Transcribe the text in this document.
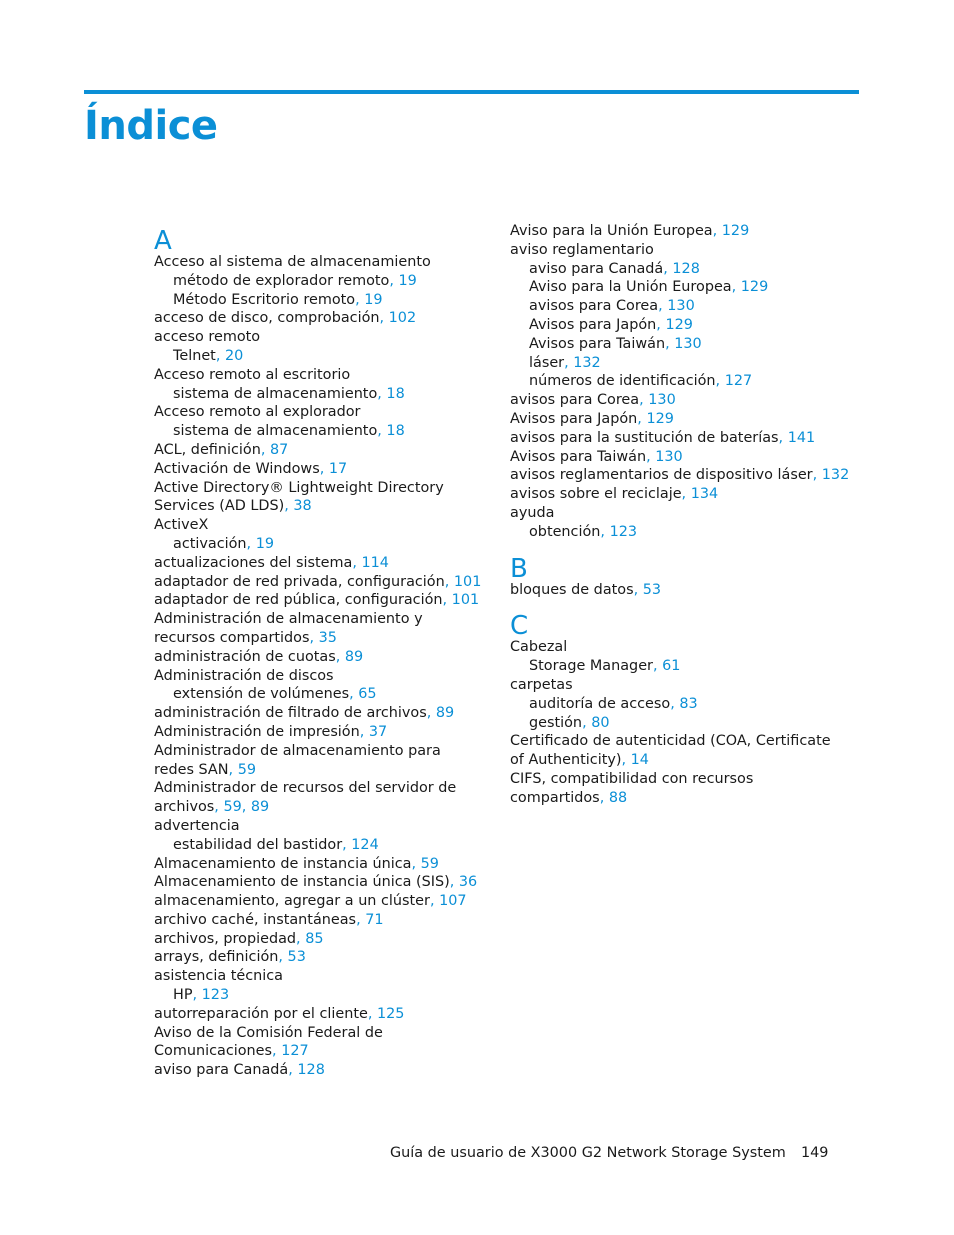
Índice
A
Acceso al sistema de almacenamiento
método de explorador remoto, 19
Método Escritorio remoto, 19
acceso de disco, comprobación, 102
acceso remoto
Telnet, 20
Acceso remoto al escritorio
sistema de almacenamiento, 18
Acceso remoto al explorador
sistema de almacenamiento, 18
ACL, definición, 87
Activación de Windows, 17
Active Directory® Lightweight Directory Services (AD LDS), 38
ActiveX
activación, 19
actualizaciones del sistema, 114
adaptador de red privada, configuración, 101
adaptador de red pública, configuración, 101
Administración de almacenamiento y recursos compartidos, 35
administración de cuotas, 89
Administración de discos
extensión de volúmenes, 65
administración de filtrado de archivos, 89
Administración de impresión, 37
Administrador de almacenamiento para redes SAN, 59
Administrador de recursos del servidor de archivos, 59, 89
advertencia
estabilidad del bastidor, 124
Almacenamiento de instancia única, 59
Almacenamiento de instancia única (SIS), 36
almacenamiento, agregar a un clúster, 107
archivo caché, instantáneas, 71
archivos, propiedad, 85
arrays, definición, 53
asistencia técnica
HP, 123
autorreparación por el cliente, 125
Aviso de la Comisión Federal de Comunicaciones, 127
aviso para Canadá, 128
Aviso para la Unión Europea, 129
aviso reglamentario
aviso para Canadá, 128
Aviso para la Unión Europea, 129
avisos para Corea, 130
Avisos para Japón, 129
Avisos para Taiwán, 130
láser, 132
números de identificación, 127
avisos para Corea, 130
Avisos para Japón, 129
avisos para la sustitución de baterías, 141
Avisos para Taiwán, 130
avisos reglamentarios de dispositivo láser, 132
avisos sobre el reciclaje, 134
ayuda
obtención, 123
B
bloques de datos, 53
C
Cabezal
Storage Manager, 61
carpetas
auditoría de acceso, 83
gestión, 80
Certificado de autenticidad (COA, Certificate of Authenticity), 14
CIFS, compatibilidad con recursos compartidos, 88
Guía de usuario de X3000 G2 Network Storage System 149
